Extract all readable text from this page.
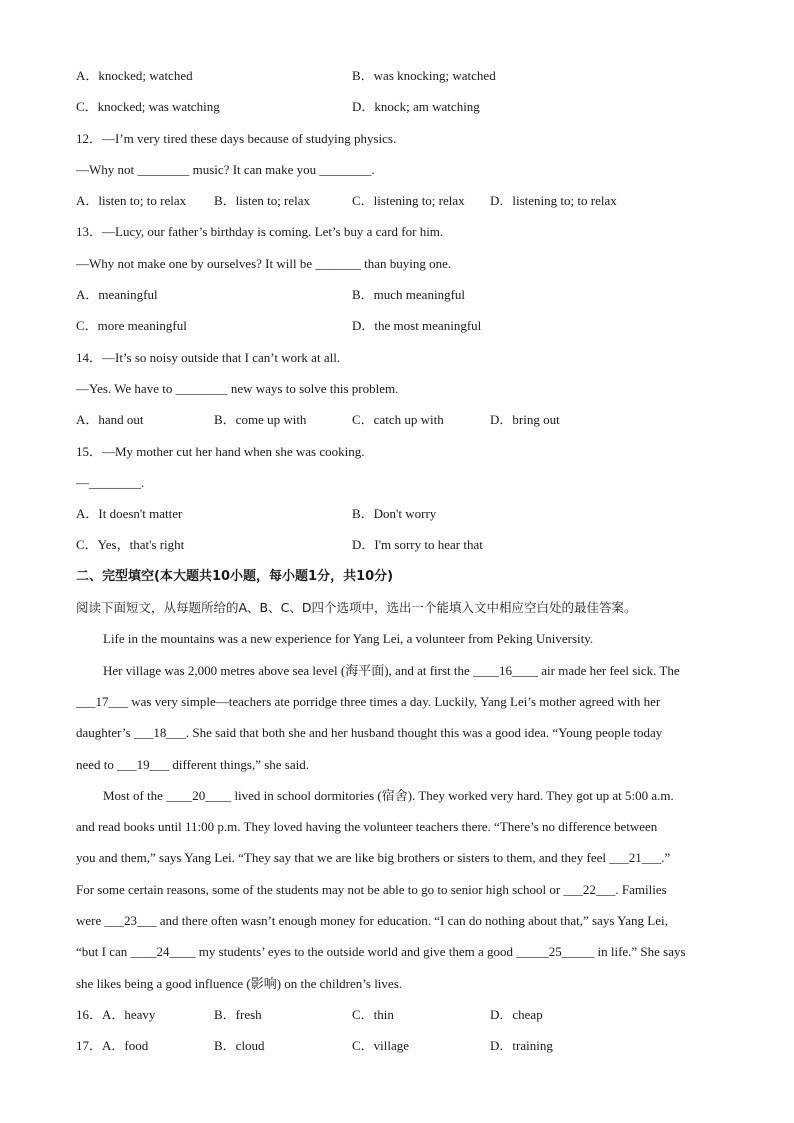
A．knocked; watched	B．was knocking; watched
C．knocked; was watching	D．knock; am watching
12．—I’m very tired these days because of studying physics.
—Why not ________ music? It can make you ________.
A．listen to; to relax B．listen to; relax	C．listening to; relax D．listening to; to relax
13．—Lucy, our father’s birthday is coming. Let’s buy a card for him.
—Why not make one by ourselves? It will be _______ than buying one.
A．meaningful	B．much meaningful
C．more meaningful	D．the most meaningful
14．—It’s so noisy outside that I can’t work at all.
—Yes. We have to ________ new ways to solve this problem.
A．hand out	B．come up with	C．catch up with	D．bring out
15．—My mother cut her hand when she was cooking.
—________.
A．It doesn't matter	B．Don't worry
C．Yes，that's right	D．I'm sorry to hear that
二、完型填空(本大题共10小题，每小题1分，共10分)
阅读下面短文，从每题所给的A、B、C、D四个选项中，选出一个能填入文中相应空白处的最佳答案。
Life in the mountains was a new experience for Yang Lei, a volunteer from Peking University.
Her village was 2,000 metres above sea level (海平面), and at first the ____16____ air made her feel sick. The
___17___ was very simple—teachers ate porridge three times a day. Luckily, Yang Lei’s mother agreed with her
daughter’s ___18___. She said that both she and her husband thought this was a good idea. “Young people today
need to ___19___ different things,” she said.
Most of the ____20____ lived in school dormitories (宿舍). They worked very hard. They got up at 5:00 a.m.
and read books until 11:00 p.m. They loved having the volunteer teachers there. “There’s no difference between
you and them,” says Yang Lei. “They say that we are like big brothers or sisters to them, and they feel ___21___.”
For some certain reasons, some of the students may not be able to go to senior high school or ___22___. Families
were ___23___ and there often wasn’t enough money for education. “I can do nothing about that,” says Yang Lei,
“but I can ____24____ my students’ eyes to the outside world and give them a good _____25_____ in life.” She says
she likes being a good influence (影响) on the children’s lives.
16．A．heavy	B．fresh	C．thin	D．cheap
17．A．food	B．cloud	C．village	D．training
